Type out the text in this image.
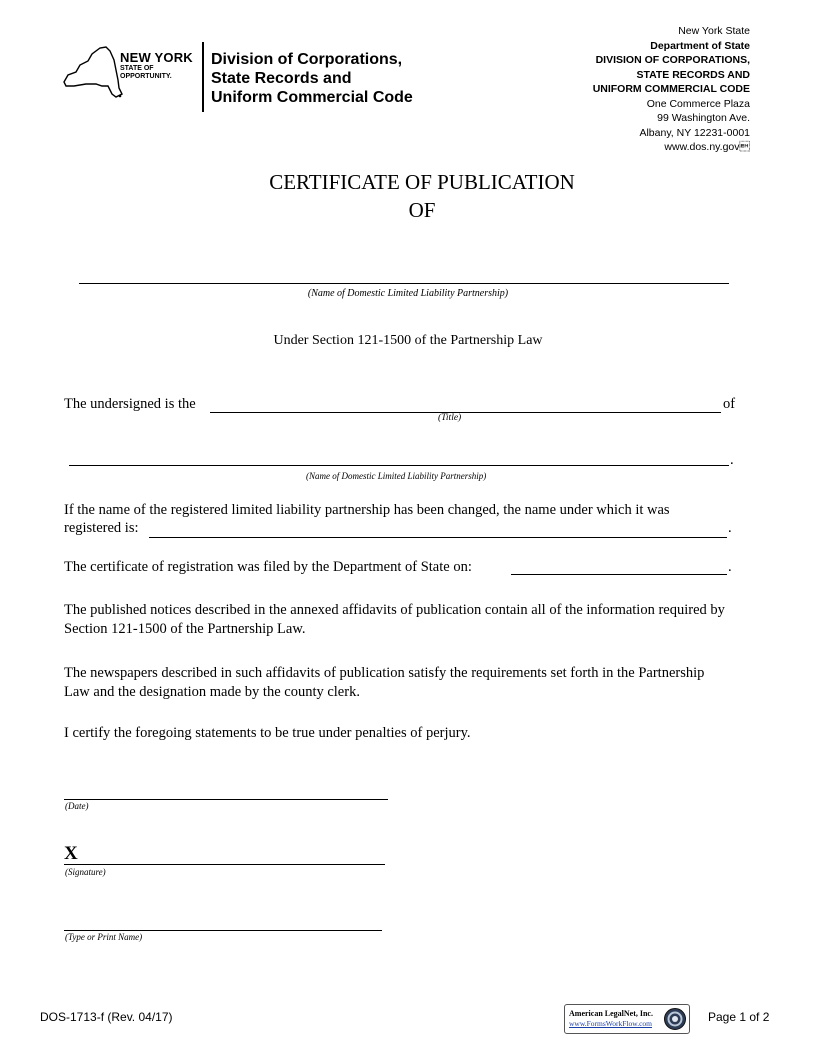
NEW YORK
STATE OF
OPPORTUNITY.
Division of Corporations,
State Records and
Uniform Commercial Code
New York State
Department of State
DIVISION OF CORPORATIONS,
STATE RECORDS AND
UNIFORM COMMERCIAL CODE
One Commerce Plaza
99 Washington Ave.
Albany, NY 12231-0001
www.dos.ny.gov
CERTIFICATE OF PUBLICATION
OF
(Name of Domestic Limited Liability Partnership)
Under Section 121-1500 of the Partnership Law
The undersigned is the	of
(Title)
.
(Name of Domestic Limited Liability Partnership)
If the name of the registered limited liability partnership has been changed, the name under which it was
registered is:	.
The certificate of registration was filed by the Department of State on:	.
The published notices described in the annexed affidavits of publication contain all of the information required by Section 121-1500 of the Partnership Law.
The newspapers described in such affidavits of publication satisfy the requirements set forth in the Partnership Law and the designation made by the county clerk.
I certify the foregoing statements to be true under penalties of perjury.
(Date)
X
(Signature)
(Type or Print Name)
DOS-1713-f (Rev. 04/17)	American LegalNet, Inc.
www.FormsWorkFlow.com	Page 1 of 2
